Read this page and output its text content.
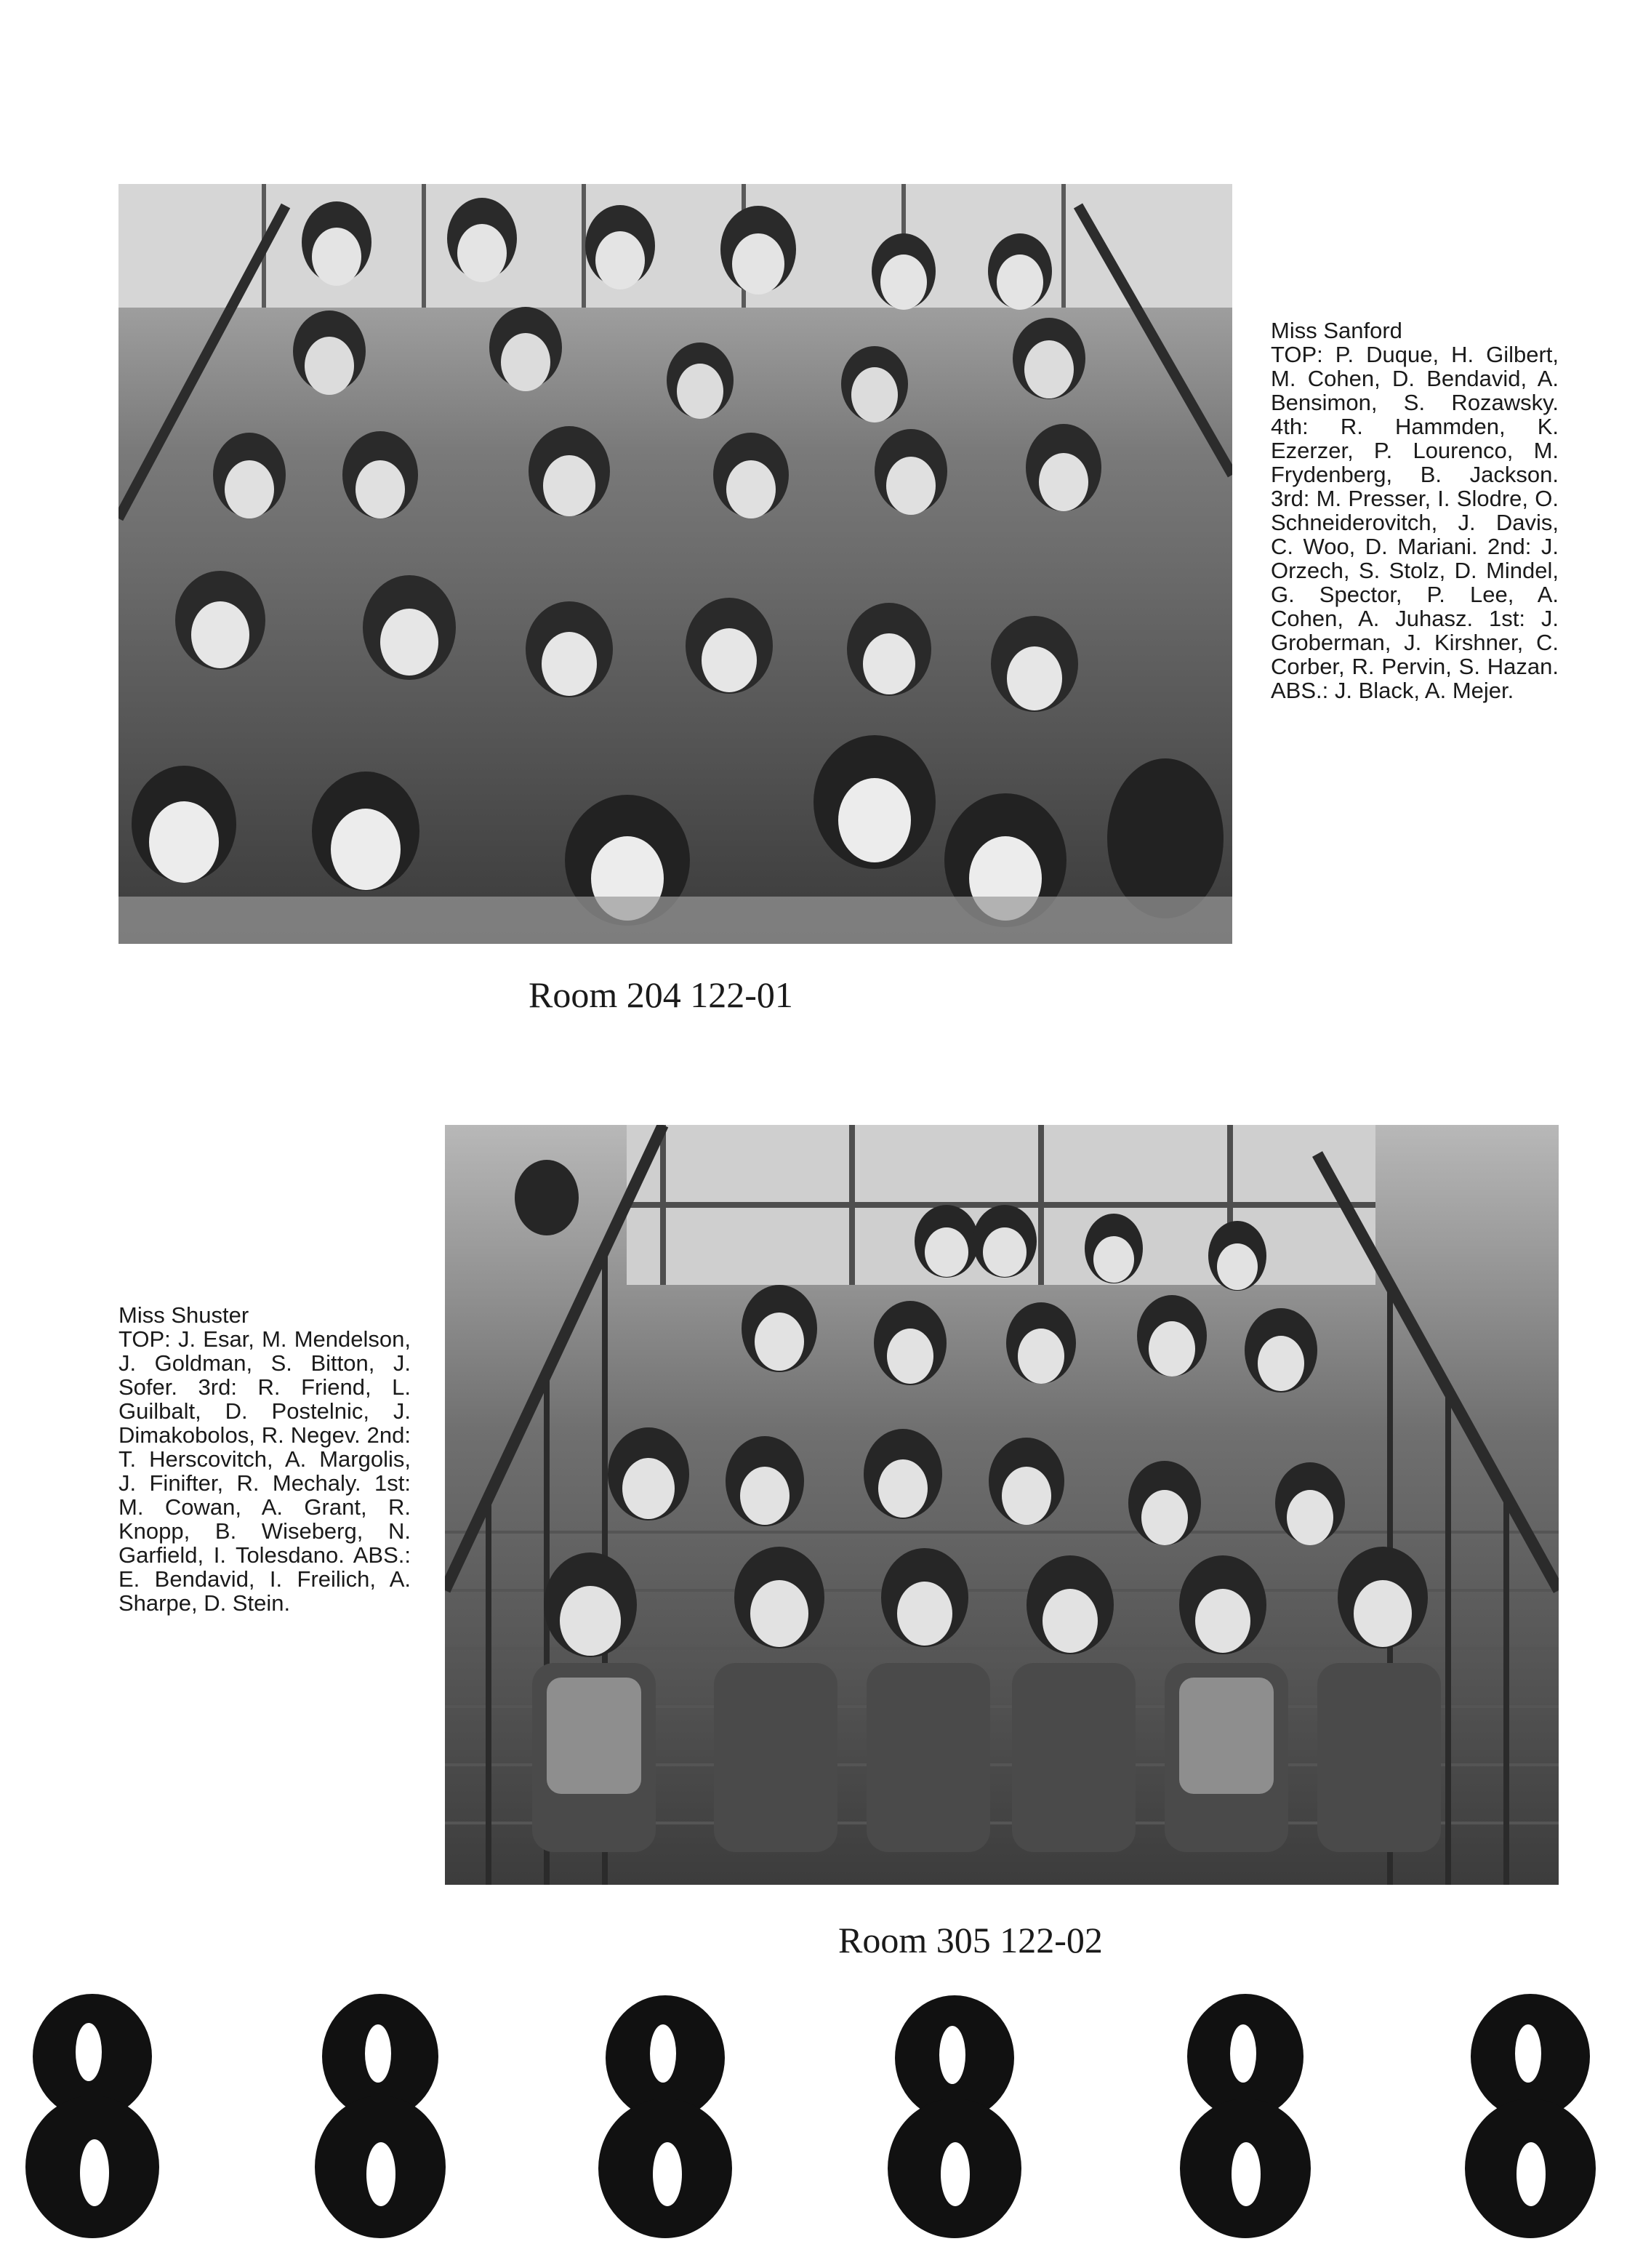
Miss Sanford
TOP: P. Duque, H. Gilbert, M. Cohen, D. Bendavid, A. Bensimon, S. Rozawsky. 4th: R. Hammden, K. Ezerzer, P. Lourenco, M. Frydenberg, B. Jackson. 3rd: M. Presser, I. Slodre, O. Schneiderovitch, J. Davis, C. Woo, D. Mariani. 2nd: J. Orzech, S. Stolz, D. Mindel, G. Spector, P. Lee, A. Cohen, A. Juhasz. 1st: J. Groberman, J. Kirshner, C. Corber, R. Pervin, S. Hazan. ABS.: J. Black, A. Mejer.

Room 204 122-01

Miss Shuster
TOP: J. Esar, M. Mendelson, J. Goldman, S. Bitton, J. Sofer. 3rd: R. Friend, L. Guilbalt, D. Postelnic, J. Dimakobolos, R. Negev. 2nd: T. Herscovitch, A. Margolis, J. Finifter, R. Mechaly. 1st: M. Cowan, A. Grant, R. Knopp, B. Wiseberg, N. Garfield, I. Tolesdano. ABS.: E. Bendavid, I. Freilich, A. Sharpe, D. Stein.

Room 305 122-02
